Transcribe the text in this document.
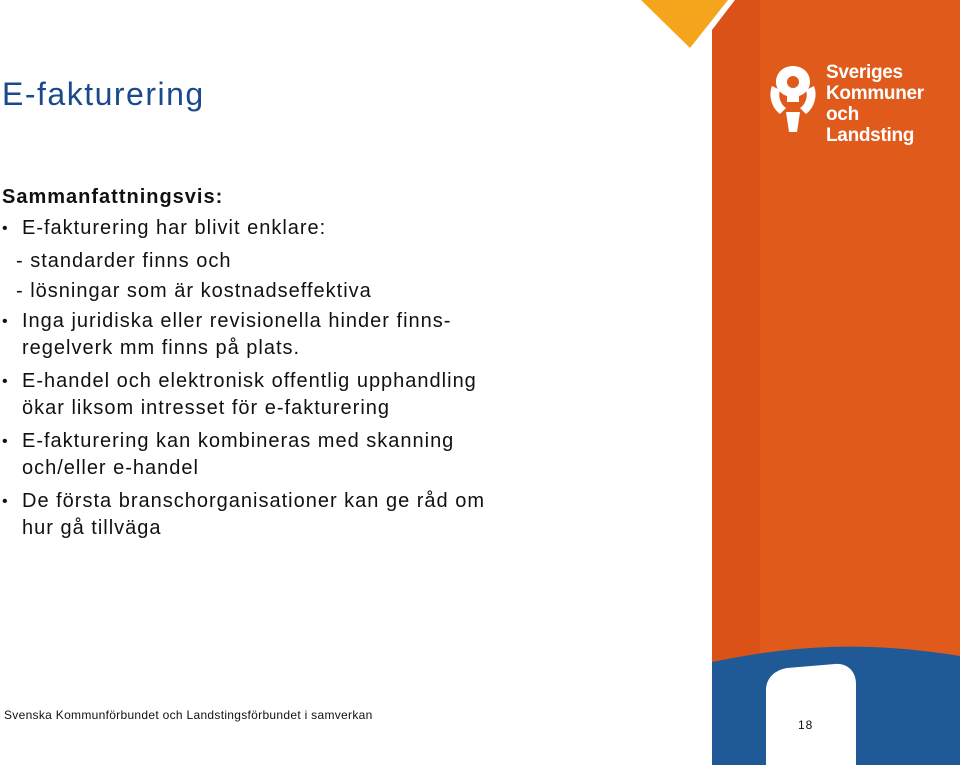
Sveriges
Kommuner
och Landsting
E-fakturering

Sammanfattningsvis:

• E-fakturering har blivit enklare:
- standarder finns och
- lösningar som är kostnadseffektiva
• Inga juridiska eller revisionella hinder finns-
regelverk mm finns på plats.
• E-handel och elektronisk offentlig upphandling
ökar liksom intresset för e-fakturering
• E-fakturering kan kombineras med skanning
och/eller e-handel
• De första branschorganisationer kan ge råd om
hur gå tillväga
Svenska Kommunförbundet och Landstingsförbundet i samverkan
18
